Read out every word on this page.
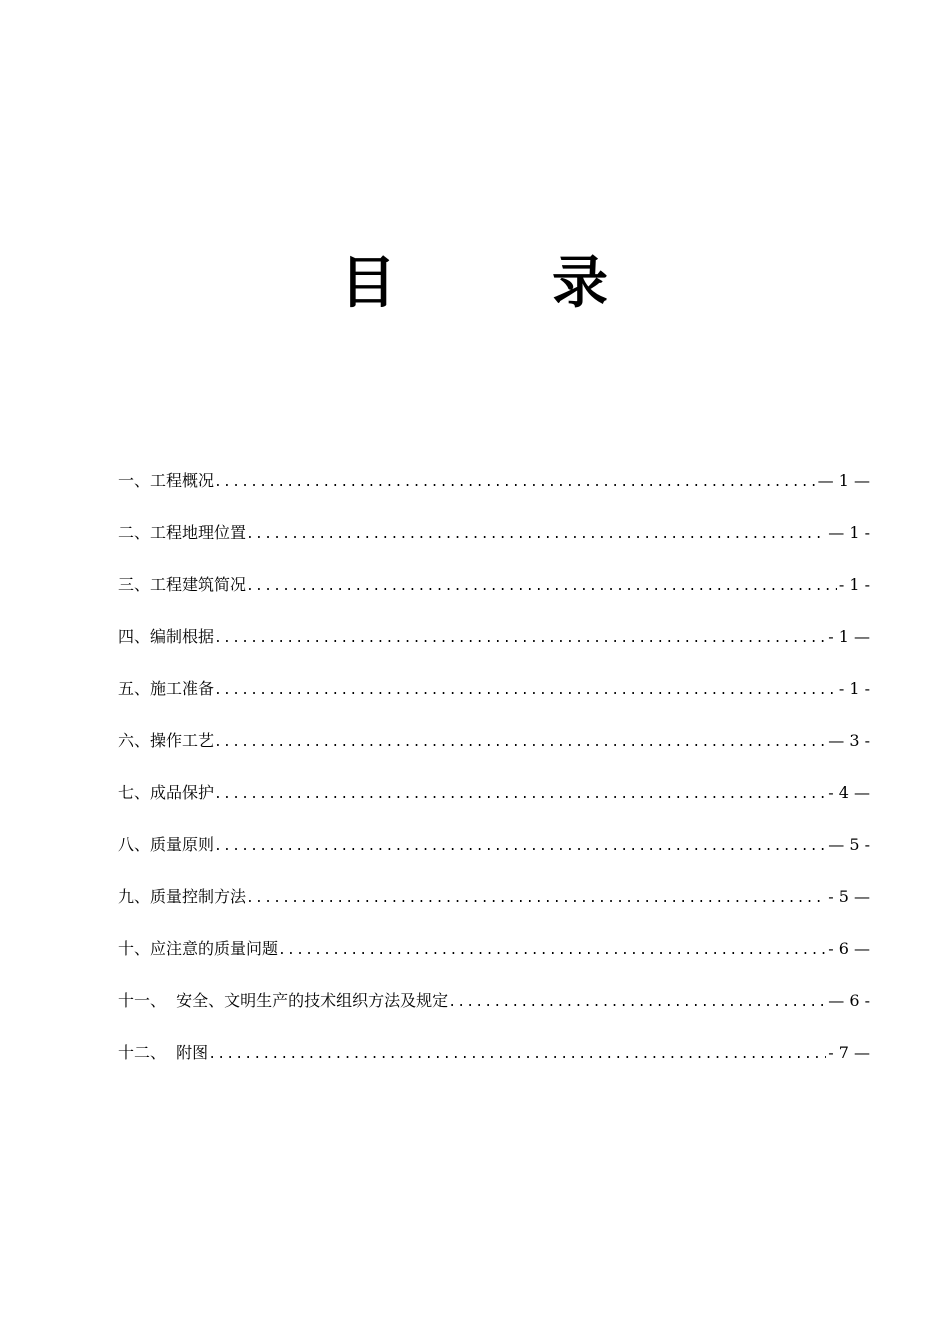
目　录
一、工程概况 .....	— 1 —
二、工程地理位置 .....	— 1 -
三、工程建筑简况 .....	- 1 -
四、编制根据 .....	- 1 —
五、施工准备 .....	- 1 -
六、操作工艺 .....	— 3 -
七、成品保护 .....	- 4 —
八、质量原则 .....	— 5 -
九、质量控制方法 .....	- 5 —
十、应注意的质量问题 .....	- 6 —
十一、  安全、文明生产的技术组织方法及规定 .....	— 6 -
十二、  附图 .....	- 7 —
